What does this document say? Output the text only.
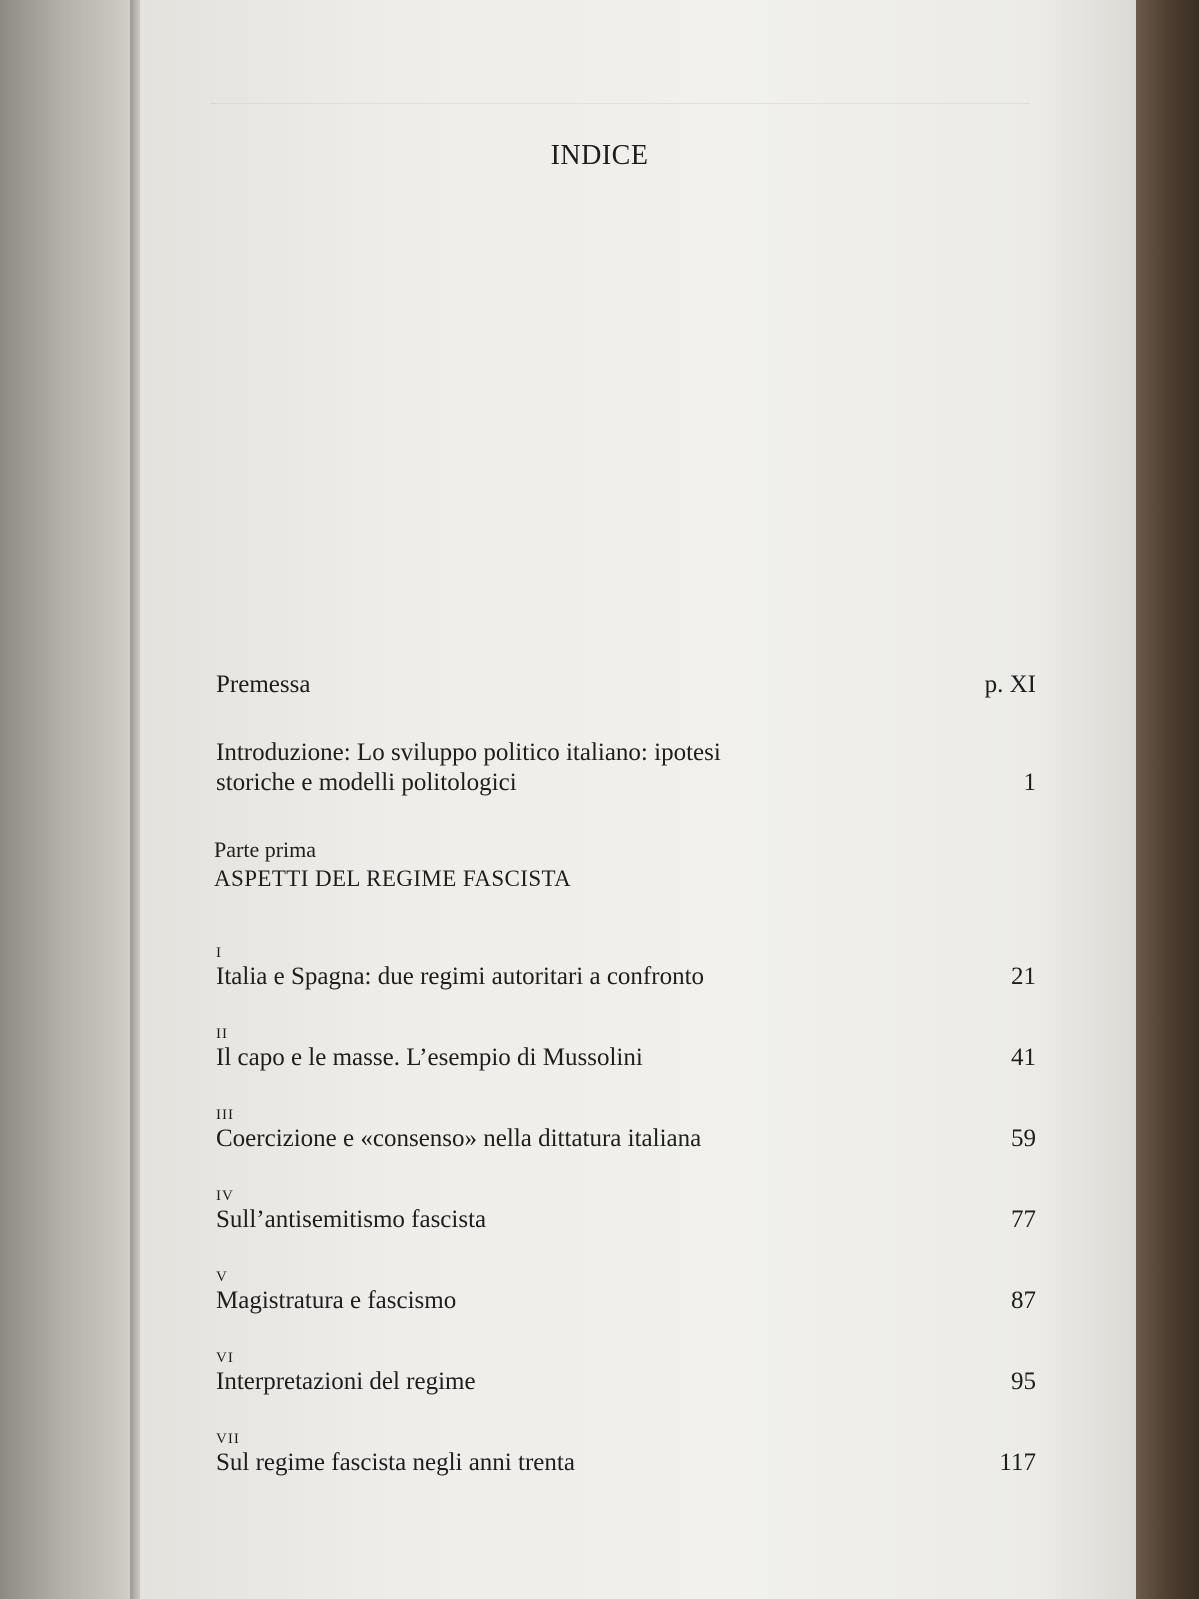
INDICE
Premessa	p. XI
Introduzione: Lo sviluppo politico italiano: ipotesi
storiche e modelli politologici	1
Parte prima
ASPETTI DEL REGIME FASCISTA
I
Italia e Spagna: due regimi autoritari a confronto	21
II
Il capo e le masse. L’esempio di Mussolini	41
III
Coercizione e «consenso» nella dittatura italiana	59
IV
Sull’antisemitismo fascista	77
V
Magistratura e fascismo	87
VI
Interpretazioni del regime	95
VII
Sul regime fascista negli anni trenta	117
